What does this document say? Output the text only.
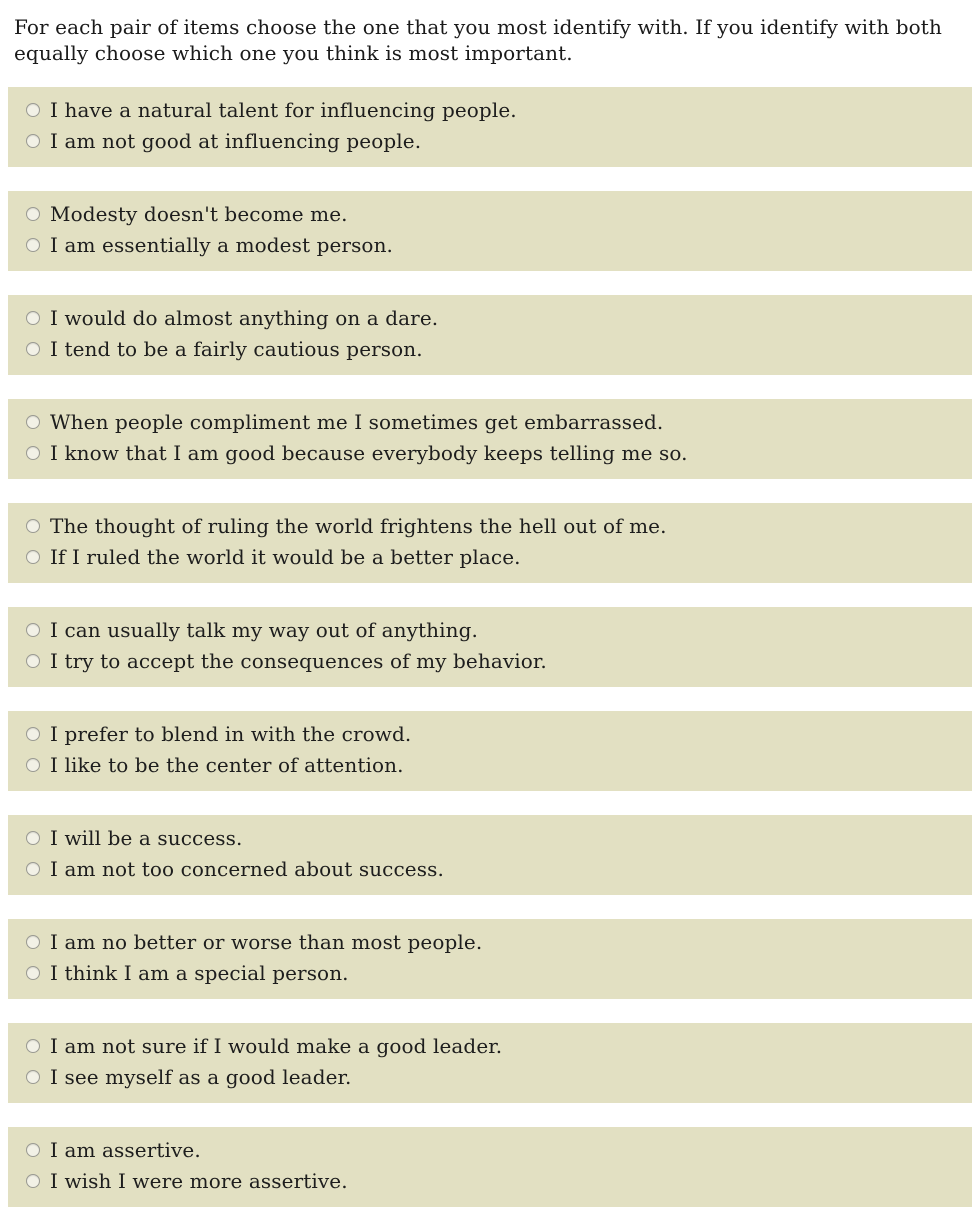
For each pair of items choose the one that you most identify with. If you identify with both equally choose which one you think is most important.
I have a natural talent for influencing people.
I am not good at influencing people.
Modesty doesn't become me.
I am essentially a modest person.
I would do almost anything on a dare.
I tend to be a fairly cautious person.
When people compliment me I sometimes get embarrassed.
I know that I am good because everybody keeps telling me so.
The thought of ruling the world frightens the hell out of me.
If I ruled the world it would be a better place.
I can usually talk my way out of anything.
I try to accept the consequences of my behavior.
I prefer to blend in with the crowd.
I like to be the center of attention.
I will be a success.
I am not too concerned about success.
I am no better or worse than most people.
I think I am a special person.
I am not sure if I would make a good leader.
I see myself as a good leader.
I am assertive.
I wish I were more assertive.
